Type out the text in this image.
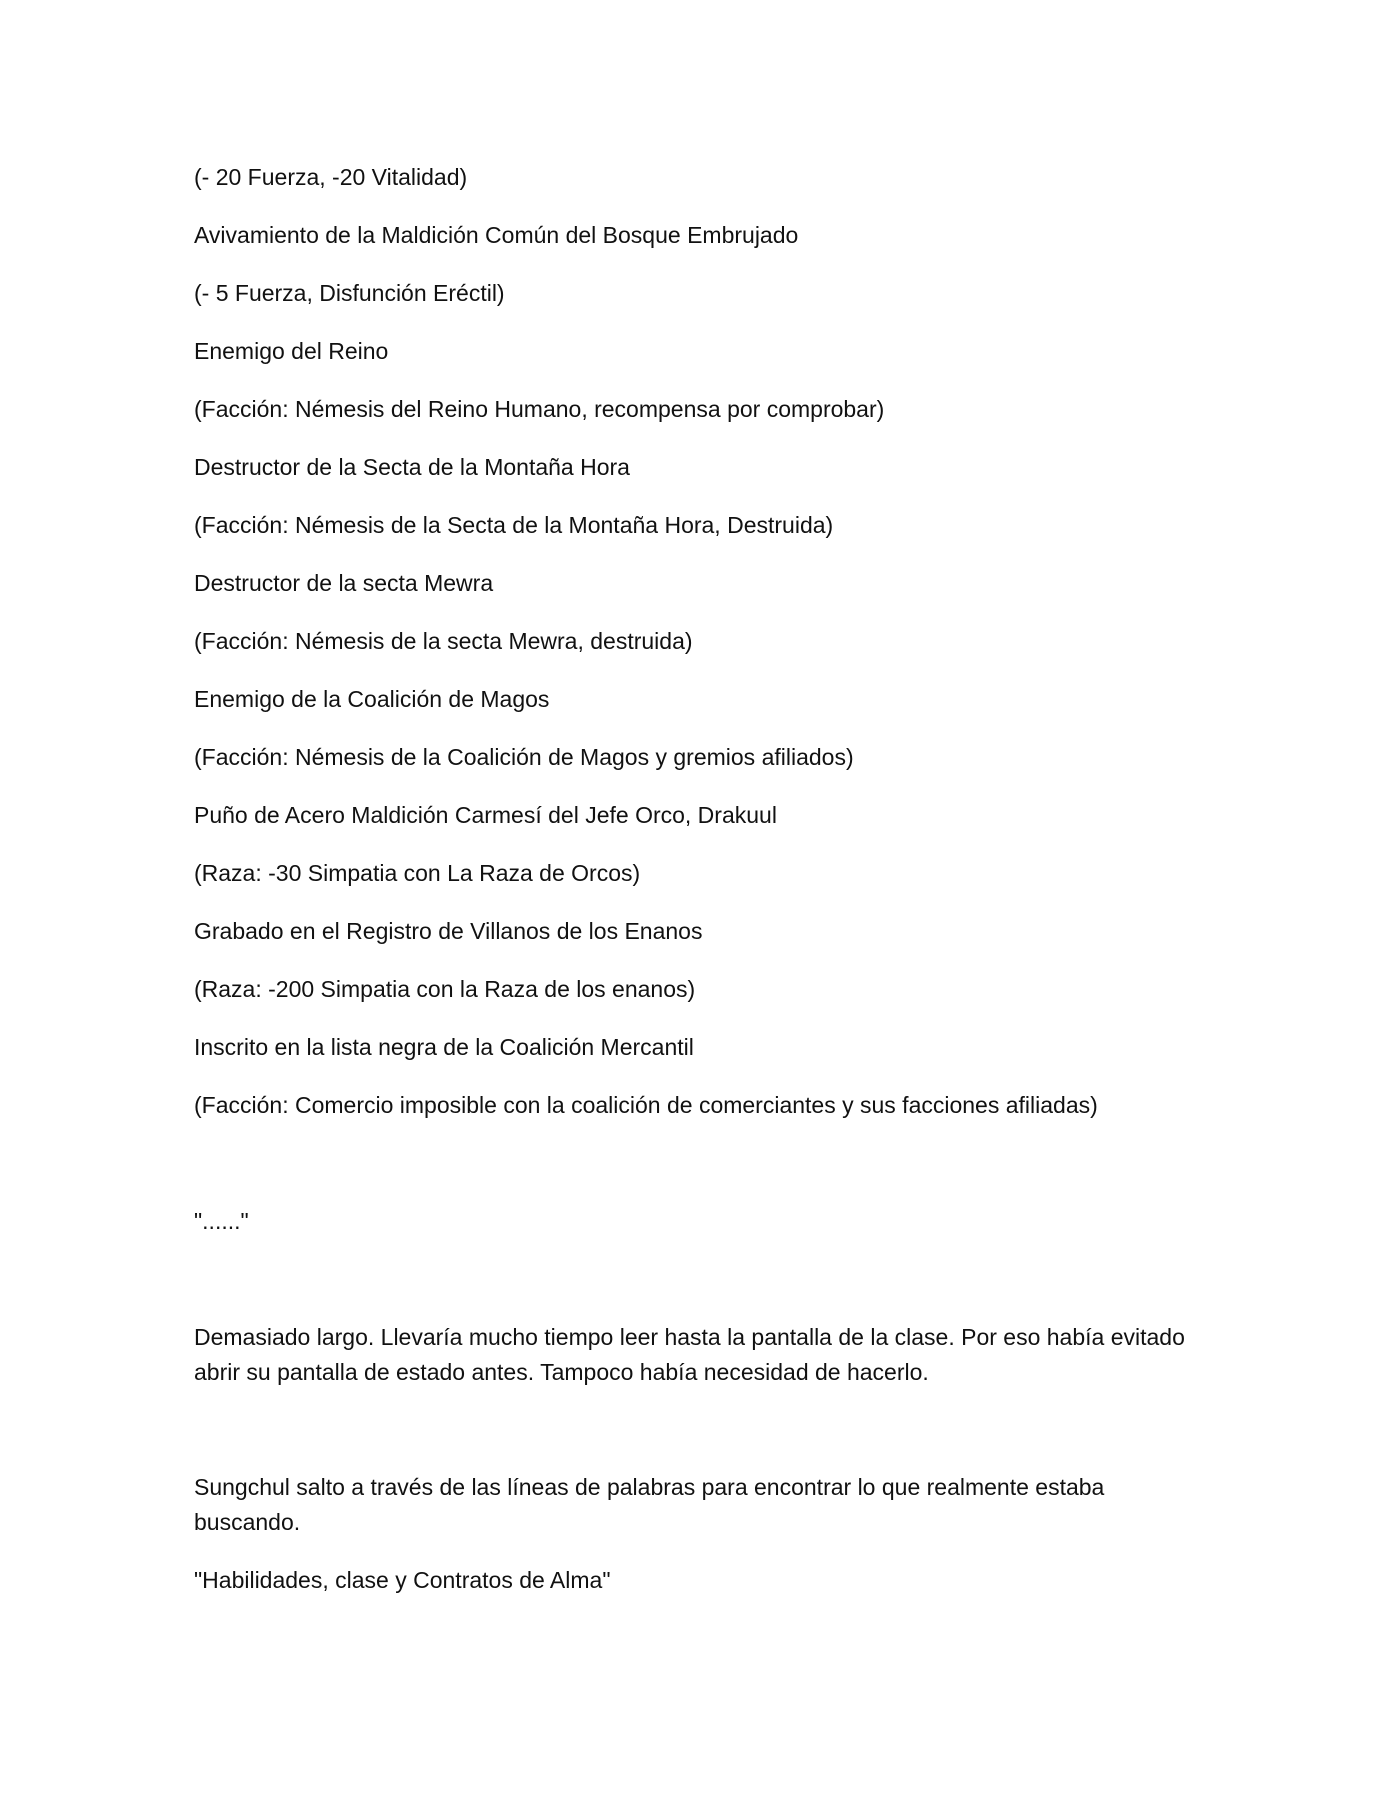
(- 20 Fuerza, -20 Vitalidad)

Avivamiento de la Maldición Común del Bosque Embrujado

(- 5 Fuerza, Disfunción Eréctil)

Enemigo del Reino

(Facción: Némesis del Reino Humano, recompensa por comprobar)

Destructor de la Secta de la Montaña Hora

(Facción: Némesis de la Secta de la Montaña Hora, Destruida)

Destructor de la secta Mewra

(Facción: Némesis de la secta Mewra, destruida)

Enemigo de la Coalición de Magos

(Facción: Némesis de la Coalición de Magos y gremios afiliados)

Puño de Acero Maldición Carmesí del Jefe Orco, Drakuul

(Raza: -30 Simpatia con La Raza de Orcos)

Grabado en el Registro de Villanos de los Enanos

(Raza: -200 Simpatia con la Raza de los enanos)

Inscrito en la lista negra de la Coalición Mercantil

(Facción: Comercio imposible con la coalición de comerciantes y sus facciones afiliadas)

"......"

Demasiado largo. Llevaría mucho tiempo leer hasta la pantalla de la clase. Por eso había evitado abrir su pantalla de estado antes. Tampoco había necesidad de hacerlo.

Sungchul salto a través de las líneas de palabras para encontrar lo que realmente estaba buscando.

"Habilidades, clase y Contratos de Alma"
